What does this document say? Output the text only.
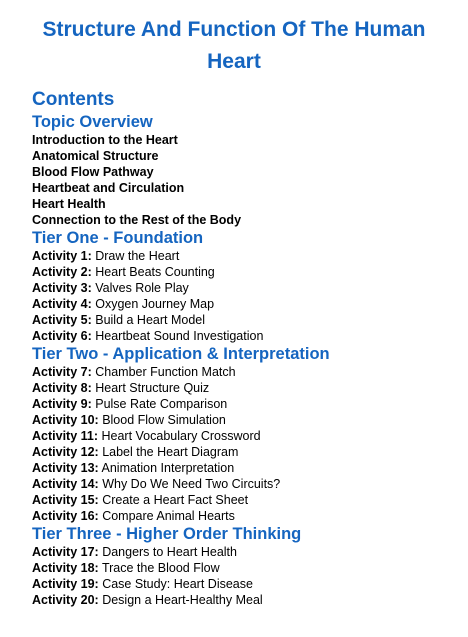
Structure And Function Of The Human
Heart
Contents
Topic Overview
Introduction to the Heart
Anatomical Structure
Blood Flow Pathway
Heartbeat and Circulation
Heart Health
Connection to the Rest of the Body
Tier One - Foundation
Activity 1: Draw the Heart
Activity 2: Heart Beats Counting
Activity 3: Valves Role Play
Activity 4: Oxygen Journey Map
Activity 5: Build a Heart Model
Activity 6: Heartbeat Sound Investigation
Tier Two - Application & Interpretation
Activity 7: Chamber Function Match
Activity 8: Heart Structure Quiz
Activity 9: Pulse Rate Comparison
Activity 10: Blood Flow Simulation
Activity 11: Heart Vocabulary Crossword
Activity 12: Label the Heart Diagram
Activity 13: Animation Interpretation
Activity 14: Why Do We Need Two Circuits?
Activity 15: Create a Heart Fact Sheet
Activity 16: Compare Animal Hearts
Tier Three - Higher Order Thinking
Activity 17: Dangers to Heart Health
Activity 18: Trace the Blood Flow
Activity 19: Case Study: Heart Disease
Activity 20: Design a Heart-Healthy Meal
